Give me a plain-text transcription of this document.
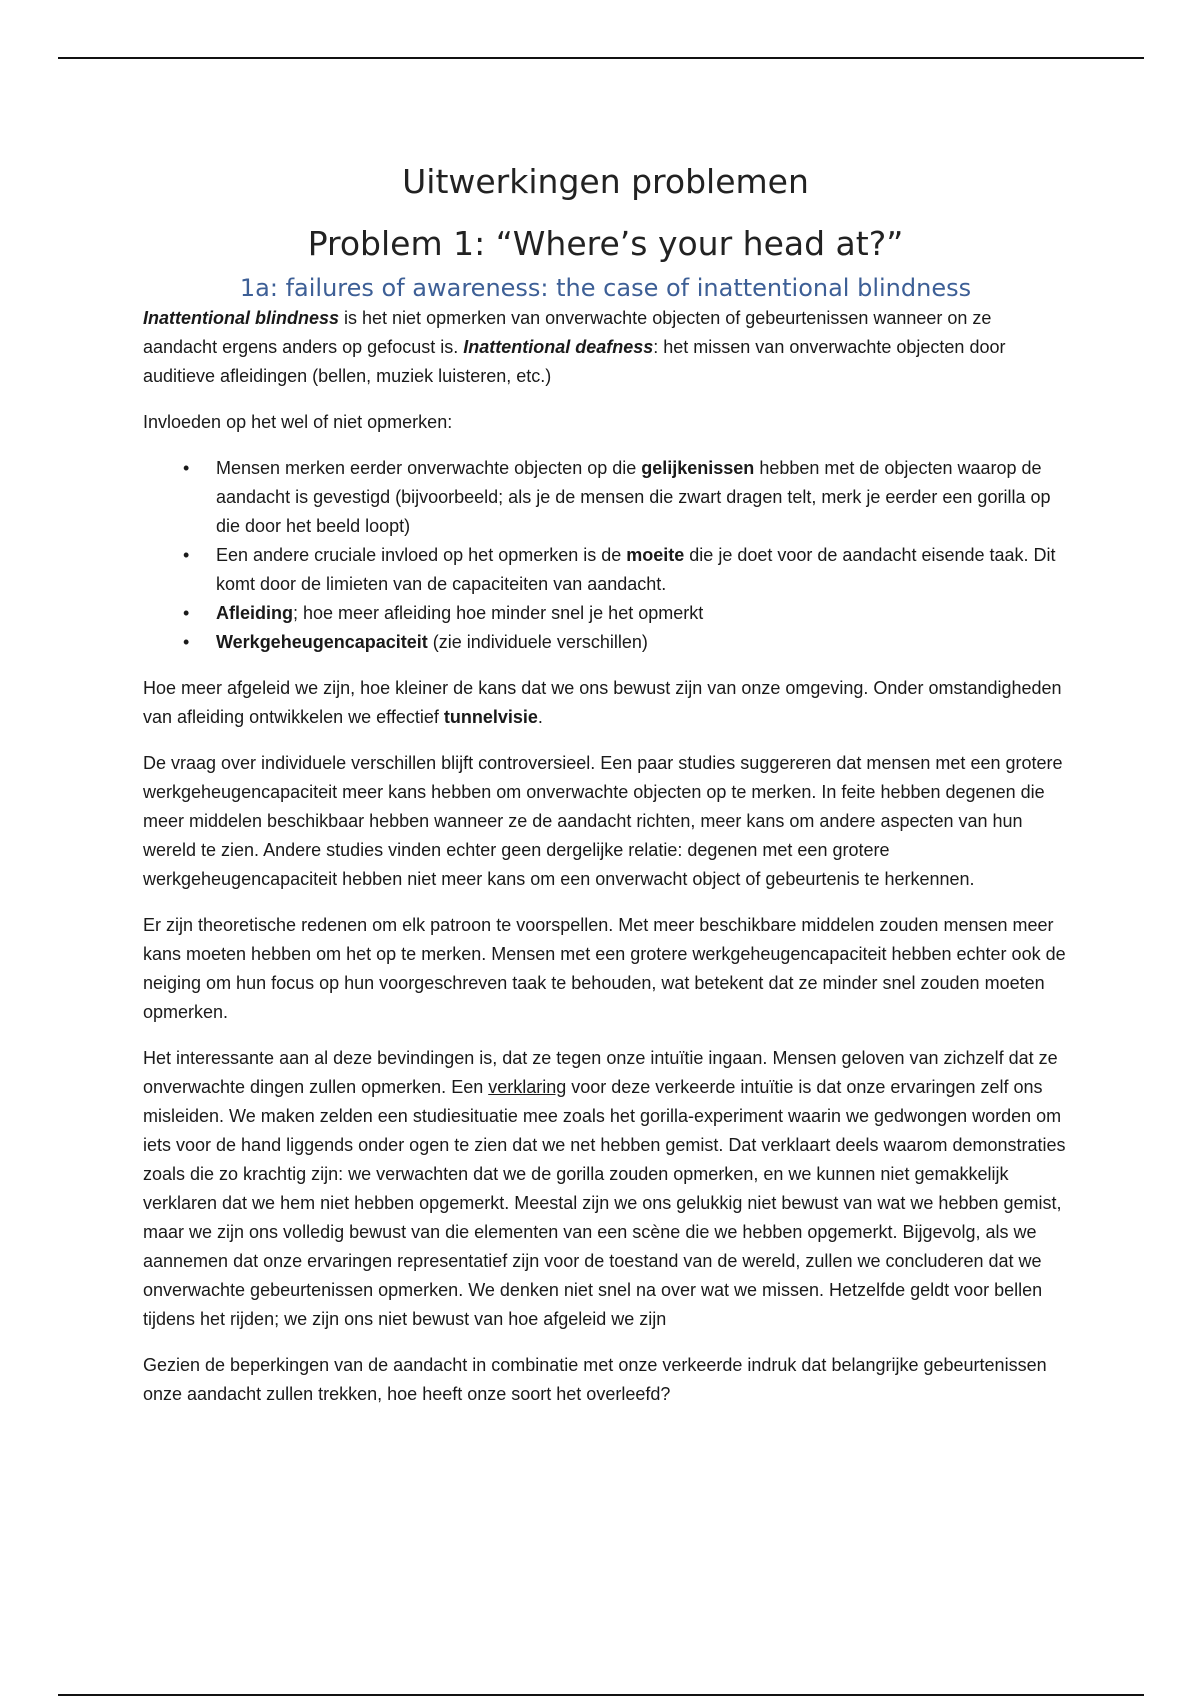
Uitwerkingen problemen
Problem 1: “Where’s your head at?”
1a: failures of awareness: the case of inattentional blindness

Inattentional blindness is het niet opmerken van onverwachte objecten of gebeurtenissen wanneer on ze aandacht ergens anders op gefocust is. Inattentional deafness: het missen van onverwachte objecten door auditieve afleidingen (bellen, muziek luisteren, etc.)

Invloeden op het wel of niet opmerken:

• Mensen merken eerder onverwachte objecten op die gelijkenissen hebben met de objecten waarop de aandacht is gevestigd (bijvoorbeeld; als je de mensen die zwart dragen telt, merk je eerder een gorilla op die door het beeld loopt)
• Een andere cruciale invloed op het opmerken is de moeite die je doet voor de aandacht eisende taak. Dit komt door de limieten van de capaciteiten van aandacht.
• Afleiding; hoe meer afleiding hoe minder snel je het opmerkt
• Werkgeheugencapaciteit (zie individuele verschillen)

Hoe meer afgeleid we zijn, hoe kleiner de kans dat we ons bewust zijn van onze omgeving. Onder omstandigheden van afleiding ontwikkelen we effectief tunnelvisie.

De vraag over individuele verschillen blijft controversieel. Een paar studies suggereren dat mensen met een grotere werkgeheugencapaciteit meer kans hebben om onverwachte objecten op te merken. In feite hebben degenen die meer middelen beschikbaar hebben wanneer ze de aandacht richten, meer kans om andere aspecten van hun wereld te zien. Andere studies vinden echter geen dergelijke relatie: degenen met een grotere werkgeheugencapaciteit hebben niet meer kans om een onverwacht object of gebeurtenis te herkennen.

Er zijn theoretische redenen om elk patroon te voorspellen. Met meer beschikbare middelen zouden mensen meer kans moeten hebben om het op te merken. Mensen met een grotere werkgeheugencapaciteit hebben echter ook de neiging om hun focus op hun voorgeschreven taak te behouden, wat betekent dat ze minder snel zouden moeten opmerken.

Het interessante aan al deze bevindingen is, dat ze tegen onze intuïtie ingaan. Mensen geloven van zichzelf dat ze onverwachte dingen zullen opmerken. Een verklaring voor deze verkeerde intuïtie is dat onze ervaringen zelf ons misleiden. We maken zelden een studiesituatie mee zoals het gorilla-experiment waarin we gedwongen worden om iets voor de hand liggends onder ogen te zien dat we net hebben gemist. Dat verklaart deels waarom demonstraties zoals die zo krachtig zijn: we verwachten dat we de gorilla zouden opmerken, en we kunnen niet gemakkelijk verklaren dat we hem niet hebben opgemerkt. Meestal zijn we ons gelukkig niet bewust van wat we hebben gemist, maar we zijn ons volledig bewust van die elementen van een scène die we hebben opgemerkt. Bijgevolg, als we aannemen dat onze ervaringen representatief zijn voor de toestand van de wereld, zullen we concluderen dat we onverwachte gebeurtenissen opmerken. We denken niet snel na over wat we missen. Hetzelfde geldt voor bellen tijdens het rijden; we zijn ons niet bewust van hoe afgeleid we zijn

Gezien de beperkingen van de aandacht in combinatie met onze verkeerde indruk dat belangrijke gebeurtenissen onze aandacht zullen trekken, hoe heeft onze soort het overleefd?
